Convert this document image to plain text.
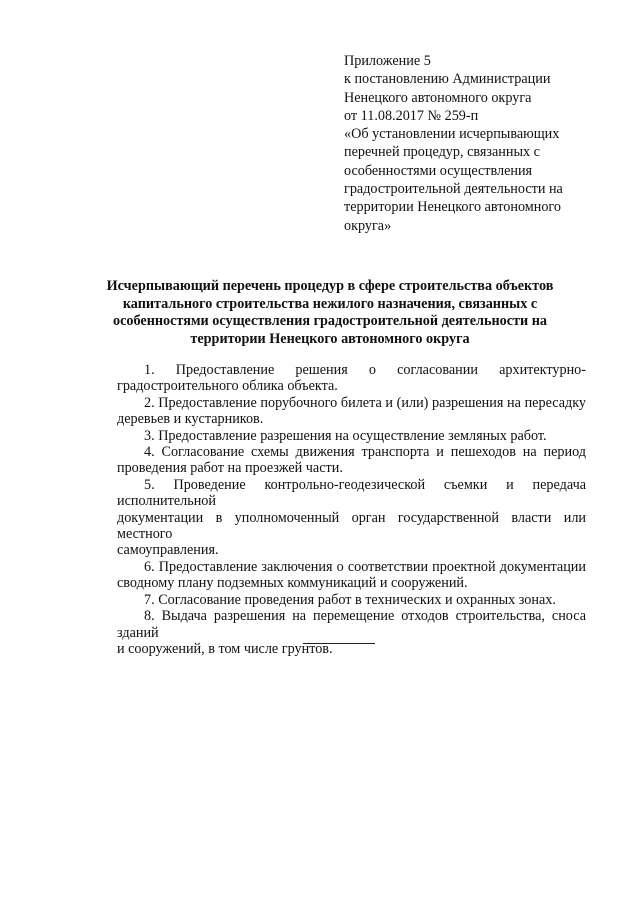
Приложение 5
к постановлению Администрации
Ненецкого автономного округа
от 11.08.2017 № 259-п
«Об установлении исчерпывающих
перечней процедур, связанных с
особенностями осуществления
градостроительной деятельности на
территории Ненецкого автономного
округа»
Исчерпывающий перечень процедур в сфере строительства объектов
капитального строительства нежилого назначения, связанных с
особенностями осуществления градостроительной деятельности на
территории Ненецкого автономного округа
1. Предоставление решения о согласовании архитектурно-
градостроительного облика объекта.
2. Предоставление порубочного билета и (или) разрешения на пересадку
деревьев и кустарников.
3. Предоставление разрешения на осуществление земляных работ.
4. Согласование схемы движения транспорта и пешеходов на период
проведения работ на проезжей части.
5. Проведение контрольно-геодезической съемки и передача исполнительной
документации в уполномоченный орган государственной власти или местного
самоуправления.
6. Предоставление заключения о соответствии проектной документации
сводному плану подземных коммуникаций и сооружений.
7. Согласование проведения работ в технических и охранных зонах.
8. Выдача разрешения на перемещение отходов строительства, сноса зданий
и сооружений, в том числе грунтов.
